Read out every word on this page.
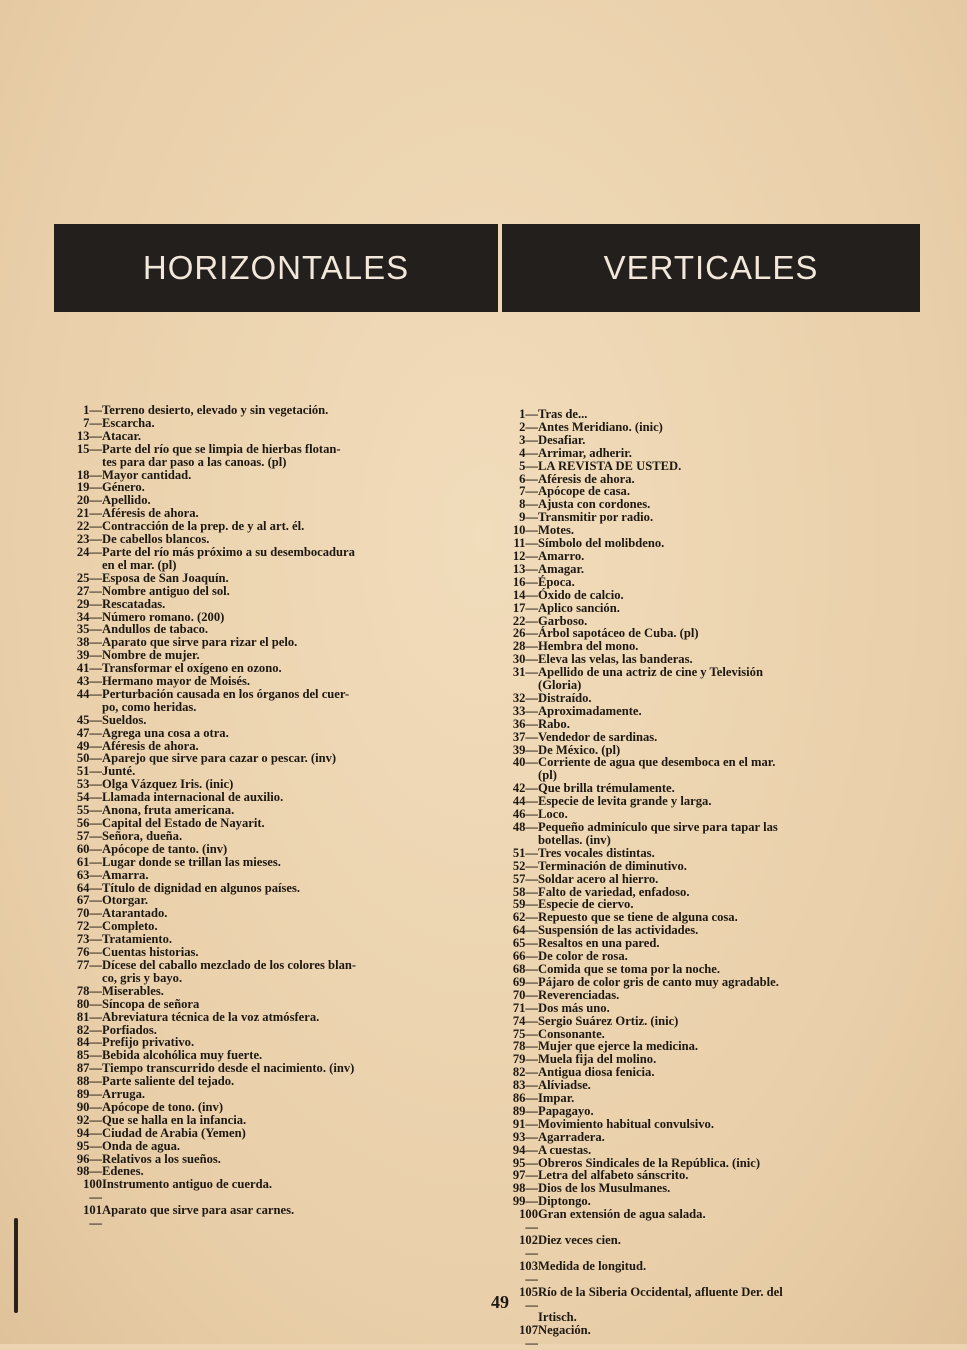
HORIZONTALES	VERTICALES
1— Terreno desierto, elevado y sin vegetación.
7— Escarcha.
13— Atacar.
15— Parte del río que se limpia de hierbas flotan-
tes para dar paso a las canoas. (pl)
18— Mayor cantidad.
19— Género.
20— Apellido.
21— Aféresis de ahora.
22— Contracción de la prep. de y al art. él.
23— De cabellos blancos.
24— Parte del río más próximo a su desembocadura
en el mar. (pl)
25— Esposa de San Joaquín.
27— Nombre antiguo del sol.
29— Rescatadas.
34— Número romano. (200)
35— Andullos de tabaco.
38— Aparato que sirve para rizar el pelo.
39— Nombre de mujer.
41— Transformar el oxígeno en ozono.
43— Hermano mayor de Moisés.
44— Perturbación causada en los órganos del cuer-
po, como heridas.
45— Sueldos.
47— Agrega una cosa a otra.
49— Aféresis de ahora.
50— Aparejo que sirve para cazar o pescar. (inv)
51— Junté.
53— Olga Vázquez Iris. (inic)
54— Llamada internacional de auxilio.
55— Anona, fruta americana.
56— Capital del Estado de Nayarit.
57— Señora, dueña.
60— Apócope de tanto. (inv)
61— Lugar donde se trillan las mieses.
63— Amarra.
64— Título de dignidad en algunos países.
67— Otorgar.
70— Atarantado.
72— Completo.
73— Tratamiento.
76— Cuentas historias.
77— Dícese del caballo mezclado de los colores blan-
co, gris y bayo.
78— Miserables.
80— Síncopa de señora
81— Abreviatura técnica de la voz atmósfera.
82— Porfiados.
84— Prefijo privativo.
85— Bebida alcohólica muy fuerte.
87— Tiempo transcurrido desde el nacimiento. (inv)
88— Parte saliente del tejado.
89— Arruga.
90— Apócope de tono. (inv)
92— Que se halla en la infancia.
94— Ciudad de Arabia (Yemen)
95— Onda de agua.
96— Relativos a los sueños.
98— Edenes.
100—
Instrumento antiguo de cuerda.
101—
Aparato que sirve para asar carnes.
1— Tras de...
2— Antes Meridiano. (inic)
3— Desafiar.
4— Arrimar, adherir.
5— LA REVISTA DE USTED.
6— Aféresis de ahora.
7— Apócope de casa.
8— Ajusta con cordones.
9— Transmitir por radio.
10— Motes.
11— Símbolo del molibdeno.
12— Amarro.
13— Amagar.
16— Época.
14— Óxido de calcio.
17— Aplico sanción.
22— Garboso.
26— Árbol sapotáceo de Cuba. (pl)
28— Hembra del mono.
30— Eleva las velas, las banderas.
31— Apellido de una actriz de cine y Televisión
(Gloria)
32— Distraído.
33— Aproximadamente.
36— Rabo.
37— Vendedor de sardinas.
39— De México. (pl)
40— Corriente de agua que desemboca en el mar.
(pl)
42— Que brilla trémulamente.
44— Especie de levita grande y larga.
46— Loco.
48— Pequeño adminículo que sirve para tapar las
botellas. (inv)
51— Tres vocales distintas.
52— Terminación de diminutivo.
57— Soldar acero al hierro.
58— Falto de variedad, enfadoso.
59— Especie de ciervo.
62— Repuesto que se tiene de alguna cosa.
64— Suspensión de las actividades.
65— Resaltos en una pared.
66— De color de rosa.
68— Comida que se toma por la noche.
69— Pájaro de color gris de canto muy agradable.
70— Reverenciadas.
71— Dos más uno.
74— Sergio Suárez Ortiz. (inic)
75— Consonante.
78— Mujer que ejerce la medicina.
79— Muela fija del molino.
82— Antigua diosa fenicia.
83— Alíviadse.
86— Impar.
89— Papagayo.
91— Movimiento habitual convulsivo.
93— Agarradera.
94— A cuestas.
95— Obreros Sindicales de la República. (inic)
97— Letra del alfabeto sánscrito.
98— Dios de los Musulmanes.
99— Diptongo.
100—
Gran extensión de agua salada.
102—
Diez veces cien.
103—
Medida de longitud.
105—
Río de la Siberia Occidental, afluente Der. del
Irtisch.
107—
Negación.
49
